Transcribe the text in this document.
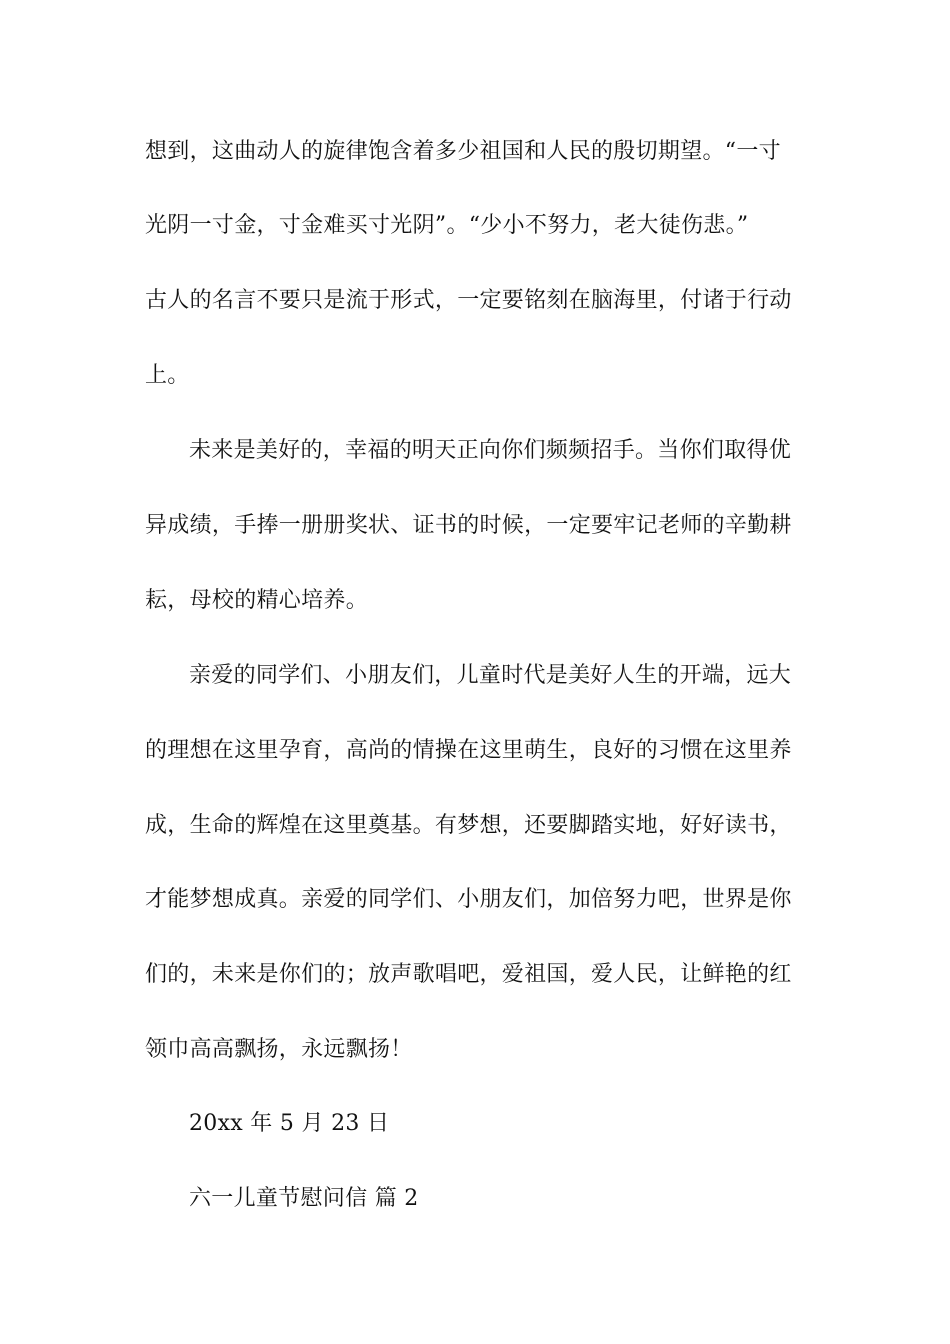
想到，这曲动人的旋律饱含着多少祖国和人民的殷切期望。“一寸
光阴一寸金，寸金难买寸光阴”。“少小不努力，老大徒伤悲。”
古人的名言不要只是流于形式，一定要铭刻在脑海里，付诸于行动
上。
未来是美好的，幸福的明天正向你们频频招手。当你们取得优
异成绩，手捧一册册奖状、证书的时候，一定要牢记老师的辛勤耕
耘，母校的精心培养。
亲爱的同学们、小朋友们，儿童时代是美好人生的开端，远大
的理想在这里孕育，高尚的情操在这里萌生，良好的习惯在这里养
成，生命的辉煌在这里奠基。有梦想，还要脚踏实地，好好读书，
才能梦想成真。亲爱的同学们、小朋友们，加倍努力吧，世界是你
们的，未来是你们的；放声歌唱吧，爱祖国，爱人民，让鲜艳的红
领巾高高飘扬，永远飘扬！
20xx 年 5 月 23 日
六一儿童节慰问信 篇 2
